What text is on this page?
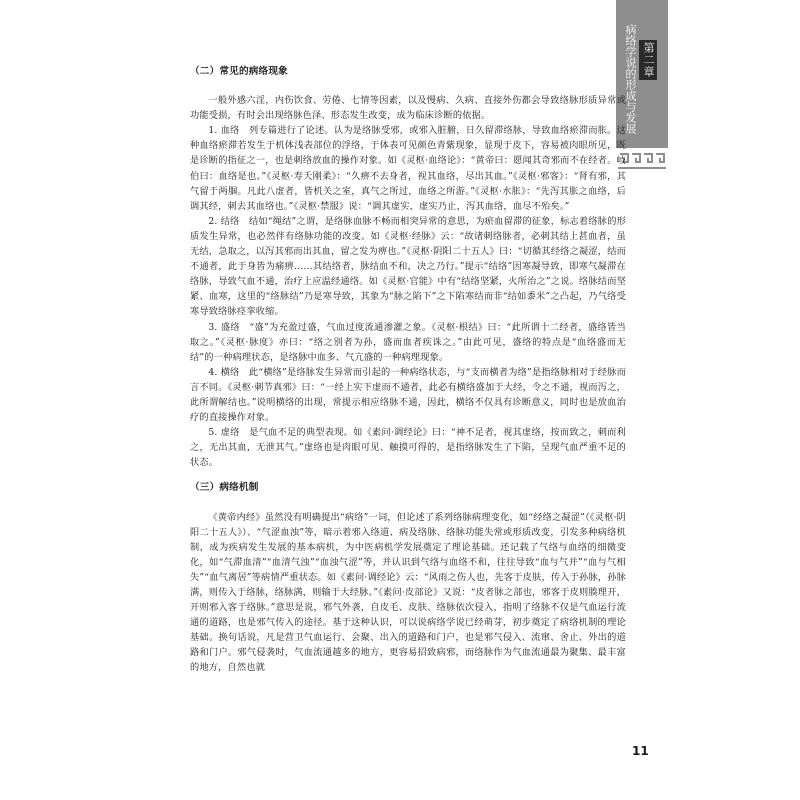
第二章
病络学说的形成与发展

（二）常见的病络现象

一般外感六淫，内伤饮食、劳倦、七情等因素，以及慢病、久病、直接外伤都会导致络脉形质异常或功能受损，有时会出现络脉色泽、形态发生改变，成为临床诊断的依据。

1. 血络　列专篇进行了论述。认为是络脉受邪，或邪入脏腑，日久留滞络脉，导致血络瘀滞而胀。这种血络瘀滞若发生于机体浅表部位的浮络，于体表可见颜色青紫现象，显现于皮下，容易被肉眼所见，既是诊断的指征之一，也是刺络放血的操作对象。如《灵枢·血络论》：“黄帝曰：愿闻其奇邪而不在经者。岐伯曰：血络是也。”《灵枢·寿夭刚柔》：“久痹不去身者，视其血络，尽出其血。”《灵枢·邪客》：“肾有邪，其气留于两腘。凡此八虚者，皆机关之室，真气之所过，血络之所游。”《灵枢·水胀》：“先泻其胀之血络，后调其经，刺去其血络也。”《灵枢·禁服》说：“调其虚实，虚实乃止，泻其血络，血尽不殆矣。”

2. 结络　结如“绳结”之谓，是络脉血脉不畅而相突异常的意思，为瘀血留滞的征象，标志着络脉的形质发生异常，也必然伴有络脉功能的改变。如《灵枢·经脉》云：“故诸刺络脉者，必刺其结上甚血者，虽无结，急取之，以泻其邪而出其血，留之发为痹也。”《灵枢·阴阳二十五人》曰：“切循其经络之凝涩，结而不通者，此于身皆为痛痹……其结络者，脉结血不和，决之乃行。”提示“结络”因寒凝导致，即寒气凝滞在络脉，导致气血不通，治疗上应温经通络。如《灵枢·官能》中有“结络坚紧，火所治之”之说。络脉结而坚紧、血寒，这里的“络脉结”乃是寒导致，其象为“脉之陷下”之下陷寒结而非“结如黍米”之凸起，乃气络受寒导致络脉痉挛收缩。

3. 盛络　“盛”为充盈过盛，气血过度流通渗灌之象。《灵枢·根结》曰：“此所谓十二经者，盛络皆当取之。”《灵枢·脉度》亦曰：“络之别者为孙，盛而血者疾诛之。”由此可见，盛络的特点是“血络盛而无结”的一种病理状态，是络脉中血多、气亢盛的一种病理现象。

4. 横络　此“横络”是络脉发生异常而引起的一种病络状态，与“支而横者为络”是指络脉相对于经脉而言不同。《灵枢·刺节真邪》曰：“一经上实下虚而不通者，此必有横络盛加于大经，令之不通，视而泻之，此所谓解结也。”说明横络的出现，常提示相应络脉不通，因此，横络不仅具有诊断意义，同时也是放血治疗的直接操作对象。

5. 虚络　是气血不足的典型表现。如《素问·调经论》曰：“神不足者，视其虚络，按而致之，刺而利之，无出其血，无泄其气。”虚络也是肉眼可见、触摸可得的，是指络脉发生了下陷，呈现气血严重不足的状态。

（三）病络机制

《黄帝内经》虽然没有明确提出“病络”一词，但论述了系列络脉病理变化，如“经络之凝涩”（《灵枢·阴阳二十五人》）、“气涩血浊”等，暗示着邪入络道、病及络脉、络脉功能失常或形质改变，引发多种病络机制，成为疾病发生发展的基本病机，为中医病机学发展奠定了理论基础。还记载了气络与血络的细微变化，如“气滞血清”“血清气浊”“血浊气涩”等，并认识到气络与血络不和，往往导致“血与气并”“血与气相失”“血气离居”等病情严重状态。如《素问·调经论》云：“风雨之伤人也，先客于皮肤，传入于孙脉，孙脉满，则传入于络脉，络脉满，则输于大经脉。”《素问·皮部论》又说：“皮者脉之部也，邪客于皮则腠理开，开则邪入客于络脉。”意思是说，邪气外袭，自皮毛、皮肤、络脉依次侵入，指明了络脉不仅是气血运行流通的道路，也是邪气传入的途径。基于这种认识，可以说病络学说已经萌芽，初步奠定了病络机制的理论基础。换句话说，凡是营卫气血运行、会聚、出入的道路和门户，也是邪气侵入、流窜、舍止、外出的道路和门户。邪气侵袭时，气血流通越多的地方，更容易招致病邪，而络脉作为气血流通最为聚集、最丰富的地方，自然也就

11
